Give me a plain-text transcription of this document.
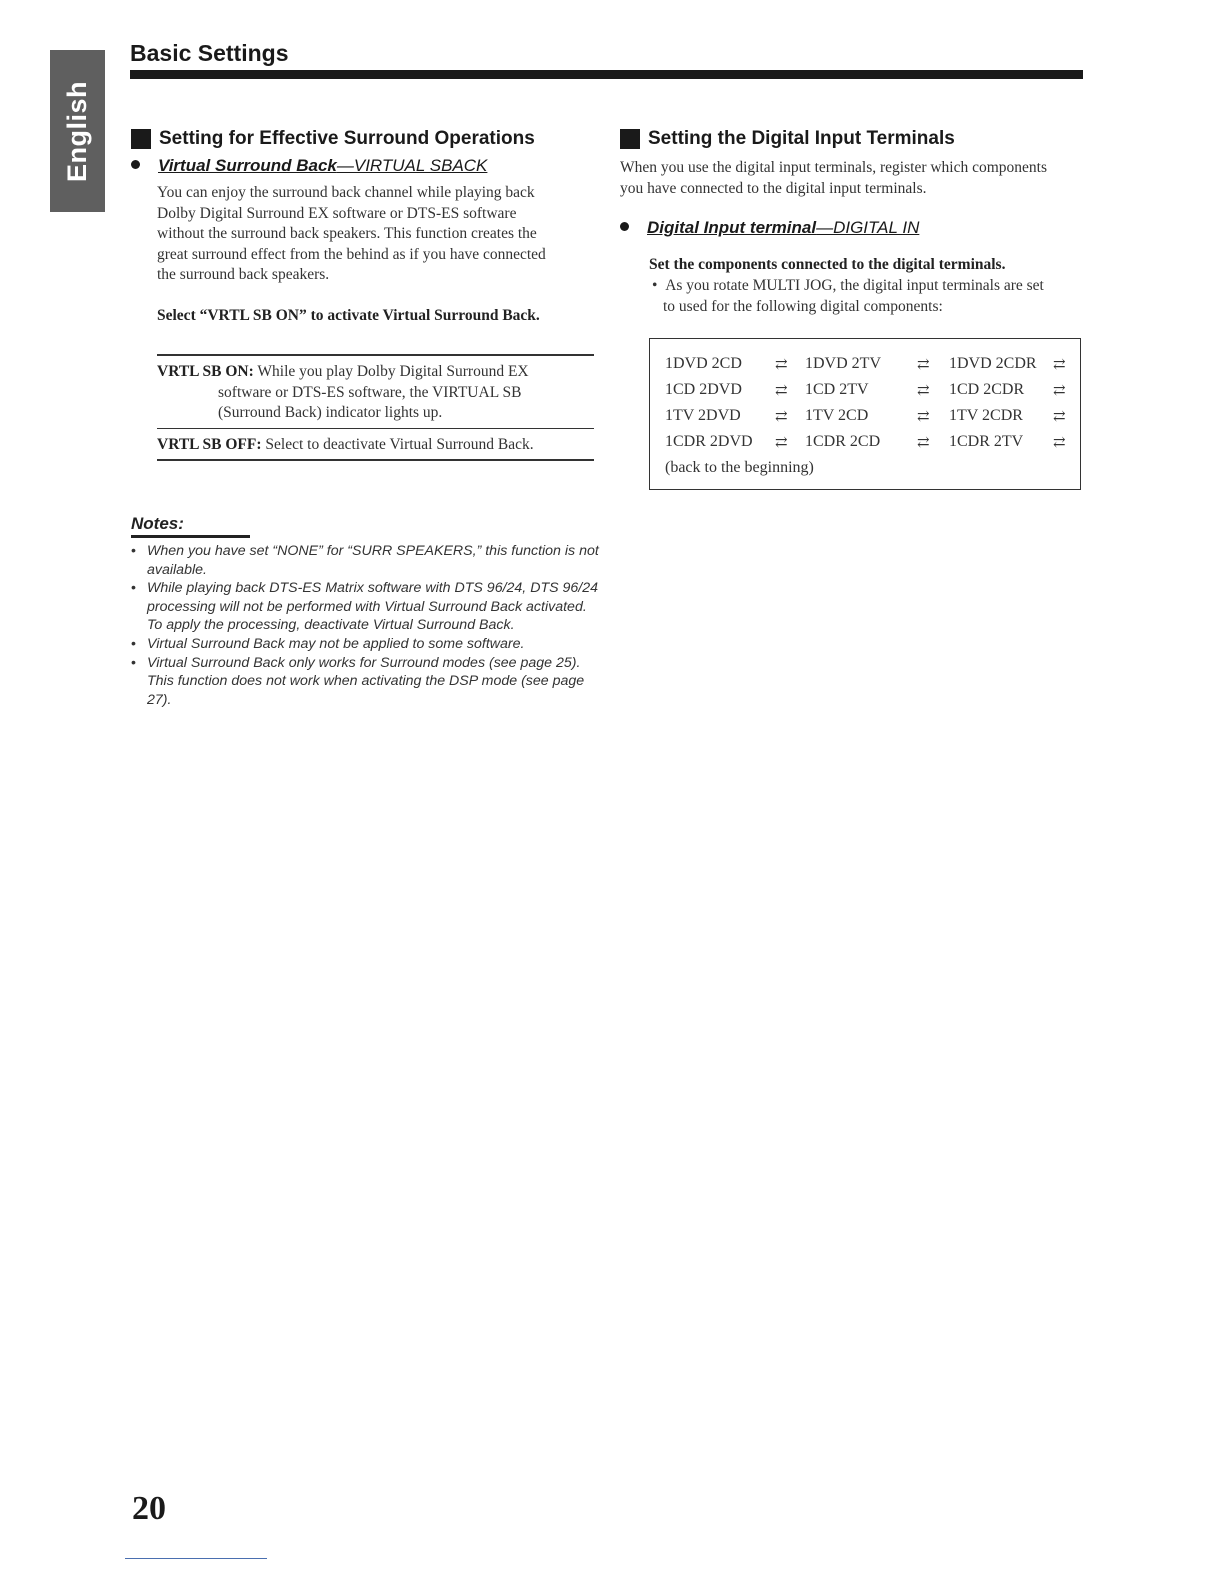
English
Basic Settings
Setting for Effective Surround Operations
Virtual Surround Back—VIRTUAL SBACK
You can enjoy the surround back channel while playing back
Dolby Digital Surround EX software or DTS-ES software
without the surround back speakers. This function creates the
great surround effect from the behind as if you have connected
the surround back speakers.
Select “VRTL SB ON” to activate Virtual Surround Back.
VRTL SB ON: While you play Dolby Digital Surround EX
software or DTS-ES software, the VIRTUAL SB
(Surround Back) indicator lights up.
VRTL SB OFF: Select to deactivate Virtual Surround Back.
Notes:
• When you have set “NONE” for “SURR SPEAKERS,” this function is not available.
• While playing back DTS-ES Matrix software with DTS 96/24, DTS 96/24 processing will not be performed with Virtual Surround Back activated. To apply the processing, deactivate Virtual Surround Back.
• Virtual Surround Back may not be applied to some software.
• Virtual Surround Back only works for Surround modes (see page 25). This function does not work when activating the DSP mode (see page 27).
Setting the Digital Input Terminals
When you use the digital input terminals, register which components
you have connected to the digital input terminals.
Digital Input terminal—DIGITAL IN
Set the components connected to the digital terminals.
•  As you rotate MULTI JOG, the digital input terminals are set
to used for the following digital components:
1DVD 2CD ⇄ 1DVD 2TV ⇄ 1DVD 2CDR ⇄
1CD 2DVD ⇄ 1CD 2TV	⇄ 1CD 2CDR ⇄
1TV 2DVD ⇄ 1TV 2CD	⇄ 1TV 2CDR ⇄
1CDR 2DVD ⇄ 1CDR 2CD ⇄ 1CDR 2TV ⇄
(back to the beginning)
20
